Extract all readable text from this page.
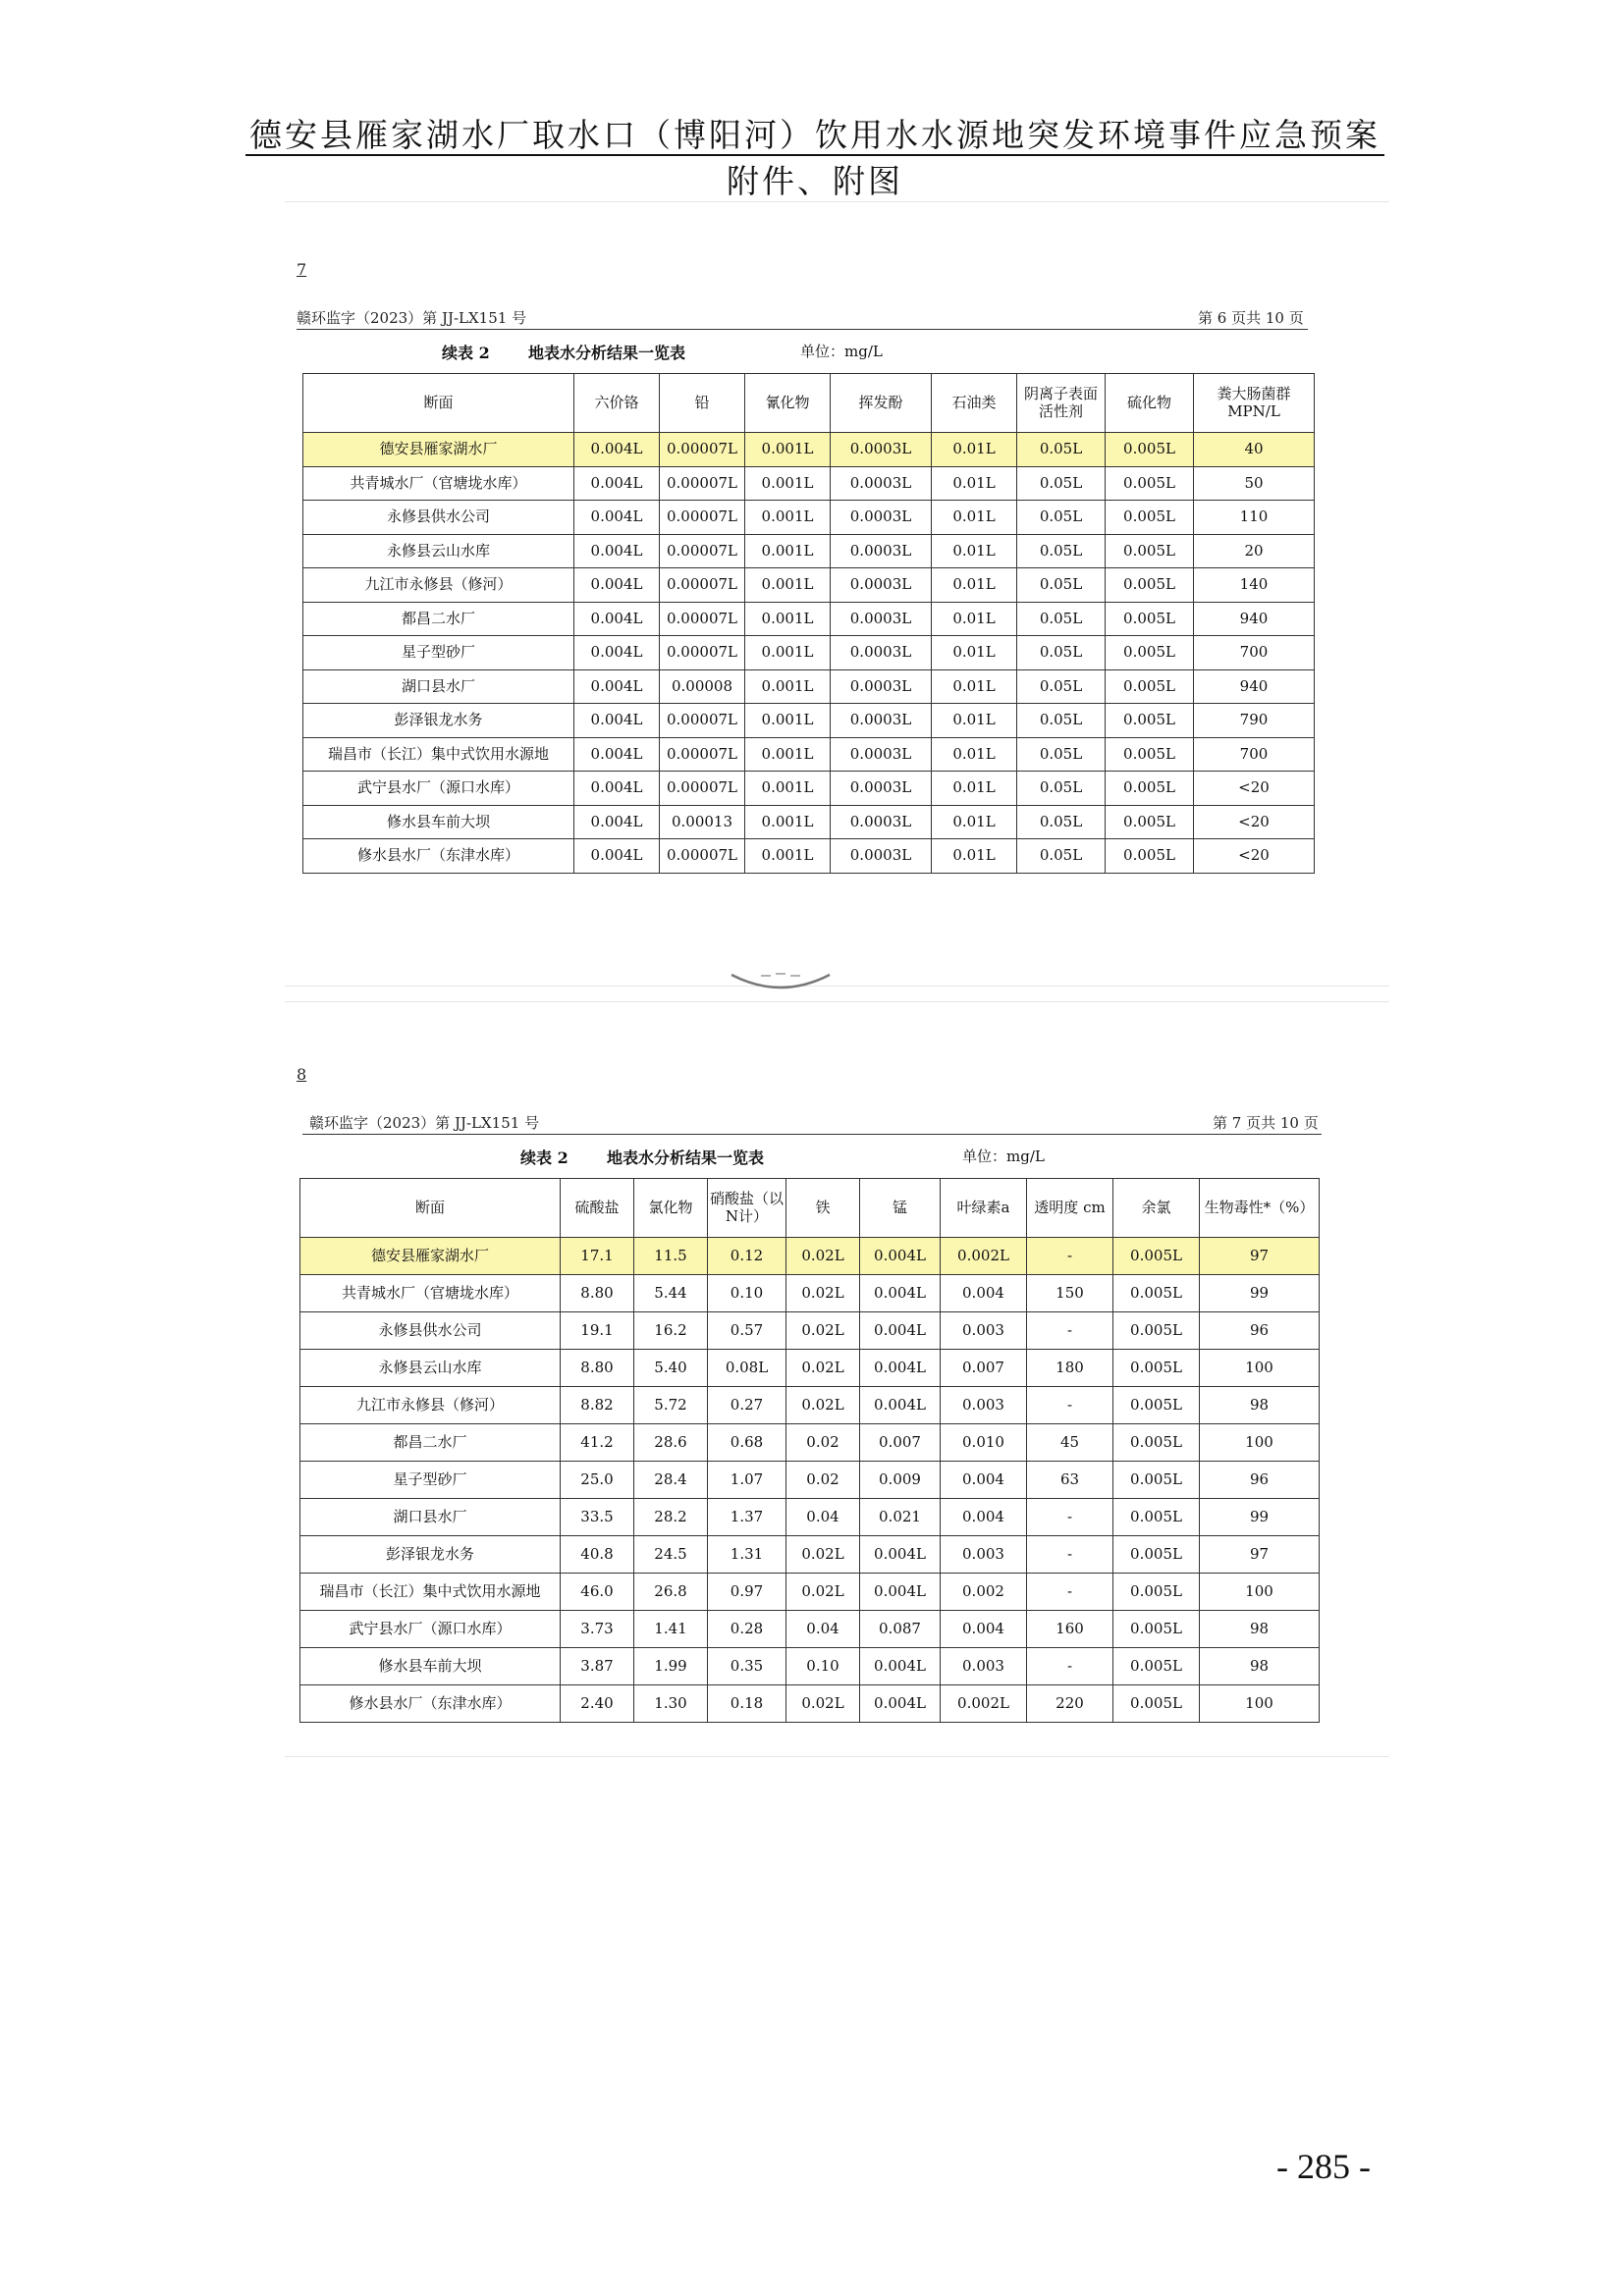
德安县雁家湖水厂取水口（博阳河）饮用水水源地突发环境事件应急预案附件、附图
7
赣环监字（2023）第 JJ-LX151 号	第 6 页共 10 页
续表 2 地表水分析结果一览表	单位：mg/L
断面	六价铬	铅	氰化物	挥发酚	石油类	阴离子表面活性剂	硫化物	粪大肠菌群 MPN/L
德安县雁家湖水厂	0.004L	0.00007L	0.001L	0.0003L	0.01L	0.05L	0.005L	40
共青城水厂（官塘垅水库）	0.004L	0.00007L	0.001L	0.0003L	0.01L	0.05L	0.005L	50
永修县供水公司	0.004L	0.00007L	0.001L	0.0003L	0.01L	0.05L	0.005L	110
永修县云山水库	0.004L	0.00007L	0.001L	0.0003L	0.01L	0.05L	0.005L	20
九江市永修县（修河）	0.004L	0.00007L	0.001L	0.0003L	0.01L	0.05L	0.005L	140
都昌二水厂	0.004L	0.00007L	0.001L	0.0003L	0.01L	0.05L	0.005L	940
星子型砂厂	0.004L	0.00007L	0.001L	0.0003L	0.01L	0.05L	0.005L	700
湖口县水厂	0.004L	0.00008	0.001L	0.0003L	0.01L	0.05L	0.005L	940
彭泽银龙水务	0.004L	0.00007L	0.001L	0.0003L	0.01L	0.05L	0.005L	790
瑞昌市（长江）集中式饮用水源地	0.004L	0.00007L	0.001L	0.0003L	0.01L	0.05L	0.005L	700
武宁县水厂（源口水库）	0.004L	0.00007L	0.001L	0.0003L	0.01L	0.05L	0.005L	<20
修水县车前大坝	0.004L	0.00013	0.001L	0.0003L	0.01L	0.05L	0.005L	<20
修水县水厂（东津水库）	0.004L	0.00007L	0.001L	0.0003L	0.01L	0.05L	0.005L	<20
8
赣环监字（2023）第 JJ-LX151 号	第 7 页共 10 页
续表 2 地表水分析结果一览表	单位：mg/L
断面	硫酸盐	氯化物	硝酸盐（以N计）	铁	锰	叶绿素a	透明度 cm	余氯	生物毒性*（%）
德安县雁家湖水厂	17.1	11.5	0.12	0.02L	0.004L	0.002L	-	0.005L	97
共青城水厂（官塘垅水库）	8.80	5.44	0.10	0.02L	0.004L	0.004	150	0.005L	99
永修县供水公司	19.1	16.2	0.57	0.02L	0.004L	0.003	-	0.005L	96
永修县云山水库	8.80	5.40	0.08L	0.02L	0.004L	0.007	180	0.005L	100
九江市永修县（修河）	8.82	5.72	0.27	0.02L	0.004L	0.003	-	0.005L	98
都昌二水厂	41.2	28.6	0.68	0.02	0.007	0.010	45	0.005L	100
星子型砂厂	25.0	28.4	1.07	0.02	0.009	0.004	63	0.005L	96
湖口县水厂	33.5	28.2	1.37	0.04	0.021	0.004	-	0.005L	99
彭泽银龙水务	40.8	24.5	1.31	0.02L	0.004L	0.003	-	0.005L	97
瑞昌市（长江）集中式饮用水源地	46.0	26.8	0.97	0.02L	0.004L	0.002	-	0.005L	100
武宁县水厂（源口水库）	3.73	1.41	0.28	0.04	0.087	0.004	160	0.005L	98
修水县车前大坝	3.87	1.99	0.35	0.10	0.004L	0.003	-	0.005L	98
修水县水厂（东津水库）	2.40	1.30	0.18	0.02L	0.004L	0.002L	220	0.005L	100
- 285 -
